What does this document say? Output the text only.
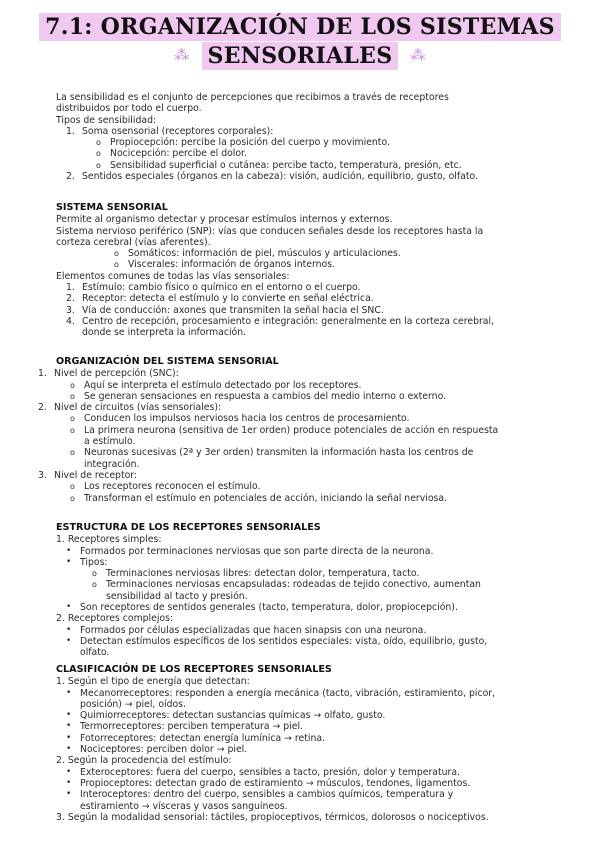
7.1: ORGANIZACIÓN DE LOS SISTEMAS
⁂ SENSORIALES ⁂

La sensibilidad es el conjunto de percepciones que recibimos a través de receptores

distribuidos por todo el cuerpo.

Tipos de sensibilidad:

1. Soma osensorial (receptores corporales):
o Propiocepción: percibe la posición del cuerpo y movimiento.
o Nocicepción: percibe el dolor.
o Sensibilidad superficial o cutánea: percibe tacto, temperatura, presión, etc.
2. Sentidos especiales (órganos en la cabeza): visión, audición, equilibrio, gusto, olfato.

SISTEMA SENSORIAL

Permite al organismo detectar y procesar estímulos internos y externos.

Sistema nervioso periférico (SNP): vías que conducen señales desde los receptores hasta la

corteza cerebral (vías aferentes).

o Somáticos: información de piel, músculos y articulaciones.
o Viscerales: información de órganos internos.

Elementos comunes de todas las vías sensoriales:

1. Estímulo: cambio físico o químico en el entorno o el cuerpo.
2. Receptor: detecta el estímulo y lo convierte en señal eléctrica.
3. Vía de conducción: axones que transmiten la señal hacia el SNC.
4. Centro de recepción, procesamiento e integración: generalmente en la corteza cerebral,
donde se interpreta la información.

ORGANIZACIÓN DEL SISTEMA SENSORIAL

1. Nivel de percepción (SNC):
o Aquí se interpreta el estímulo detectado por los receptores.
o Se generan sensaciones en respuesta a cambios del medio interno o externo.
2. Nivel de circuitos (vías sensoriales):
o Conducen los impulsos nerviosos hacia los centros de procesamiento.
o La primera neurona (sensitiva de 1er orden) produce potenciales de acción en respuesta
a estímulo.
o Neuronas sucesivas (2ª y 3er orden) transmiten la información hasta los centros de
integración.
3. Nivel de receptor:
o Los receptores reconocen el estímulo.
o Transforman el estímulo en potenciales de acción, iniciando la señal nerviosa.

ESTRUCTURA DE LOS RECEPTORES SENSORIALES

1. Receptores simples:

• Formados por terminaciones nerviosas que son parte directa de la neurona.
• Tipos:
o Terminaciones nerviosas libres: detectan dolor, temperatura, tacto.
o Terminaciones nerviosas encapsuladas: rodeadas de tejido conectivo, aumentan
sensibilidad al tacto y presión.
• Son receptores de sentidos generales (tacto, temperatura, dolor, propiocepción).

2. Receptores complejos:

• Formados por células especializadas que hacen sinapsis con una neurona.
• Detectan estímulos específicos de los sentidos especiales: vista, oído, equilibrio, gusto,
olfato.

CLASIFICACIÓN DE LOS RECEPTORES SENSORIALES

1. Según el tipo de energía que detectan:

• Mecanorreceptores: responden a energía mecánica (tacto, vibración, estiramiento, picor,
posición) → piel, oídos.
• Quimiorreceptores: detectan sustancias químicas → olfato, gusto.
• Termorreceptores: perciben temperatura → piel.
• Fotorreceptores: detectan energía lumínica → retina.
• Nociceptores: perciben dolor → piel.

2. Según la procedencia del estímulo:

• Exteroceptores: fuera del cuerpo, sensibles a tacto, presión, dolor y temperatura.
• Propioceptores: detectan grado de estiramiento → músculos, tendones, ligamentos.
• Interoceptores: dentro del cuerpo, sensibles a cambios químicos, temperatura y
estiramiento → vísceras y vasos sanguíneos.

3. Según la modalidad sensorial: táctiles, propioceptivos, térmicos, dolorosos o nociceptivos.
